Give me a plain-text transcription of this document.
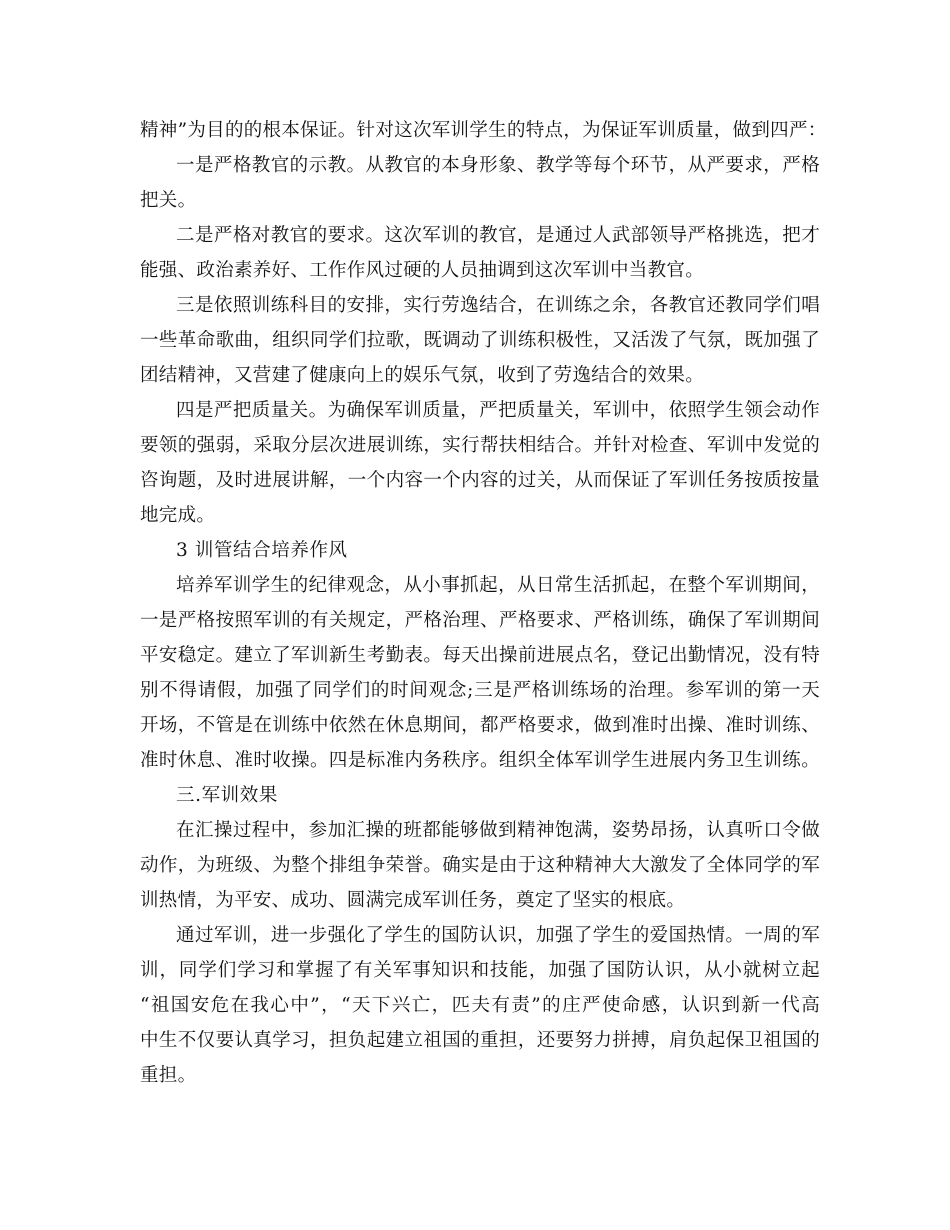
精神”为目的的根本保证。针对这次军训学生的特点，为保证军训质量，做到四严：
一是严格教官的示教。从教官的本身形象、教学等每个环节，从严要求，严格
把关。
二是严格对教官的要求。这次军训的教官，是通过人武部领导严格挑选，把才
能强、政治素养好、工作作风过硬的人员抽调到这次军训中当教官。
三是依照训练科目的安排，实行劳逸结合，在训练之余，各教官还教同学们唱
一些革命歌曲，组织同学们拉歌，既调动了训练积极性，又活泼了气氛，既加强了
团结精神，又营建了健康向上的娱乐气氛，收到了劳逸结合的效果。
四是严把质量关。为确保军训质量，严把质量关，军训中，依照学生领会动作
要领的强弱，采取分层次进展训练，实行帮扶相结合。并针对检查、军训中发觉的
咨询题，及时进展讲解，一个内容一个内容的过关，从而保证了军训任务按质按量
地完成。
3 训管结合培养作风
培养军训学生的纪律观念，从小事抓起，从日常生活抓起，在整个军训期间，
一是严格按照军训的有关规定，严格治理、严格要求、严格训练，确保了军训期间
平安稳定。建立了军训新生考勤表。每天出操前进展点名，登记出勤情况，没有特
别不得请假，加强了同学们的时间观念;三是严格训练场的治理。参军训的第一天
开场，不管是在训练中依然在休息期间，都严格要求，做到准时出操、准时训练、
准时休息、准时收操。四是标准内务秩序。组织全体军训学生进展内务卫生训练。
三.军训效果
在汇操过程中，参加汇操的班都能够做到精神饱满，姿势昂扬，认真听口令做
动作，为班级、为整个排组争荣誉。确实是由于这种精神大大激发了全体同学的军
训热情，为平安、成功、圆满完成军训任务，奠定了坚实的根底。
通过军训，进一步强化了学生的国防认识，加强了学生的爱国热情。一周的军
训，同学们学习和掌握了有关军事知识和技能，加强了国防认识，从小就树立起
“祖国安危在我心中”，“天下兴亡，匹夫有责”的庄严使命感，认识到新一代高
中生不仅要认真学习，担负起建立祖国的重担，还要努力拼搏，肩负起保卫祖国的
重担。
